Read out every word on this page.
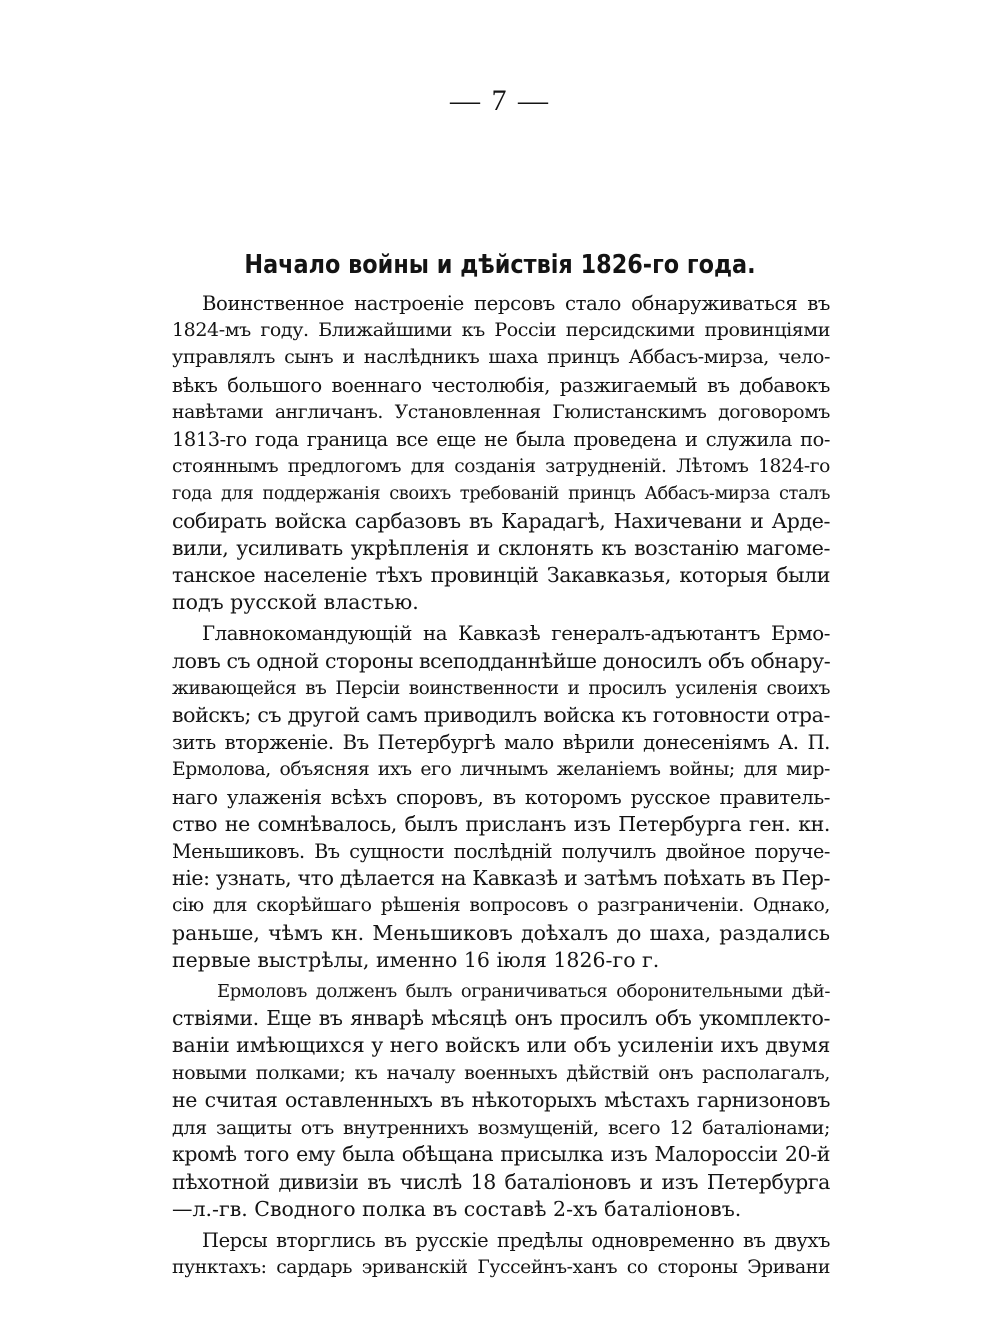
— 7 —
Начало войны и дѣйствія 1826-го года.

Воинственное настроеніе персовъ стало обнаруживаться въ
1824-мъ году. Ближайшими къ Россіи персидскими провинціями
управлялъ сынъ и наслѣдникъ шаха принцъ Аббасъ-мирза, чело-
вѣкъ большого военнаго честолюбія, разжигаемый въ добавокъ
навѣтами англичанъ. Установленная Гюлистанскимъ договоромъ
1813-го года граница все еще не была проведена и служила по-
стояннымъ предлогомъ для созданія затрудненій. Лѣтомъ 1824-го
года для поддержанія своихъ требованій принцъ Аббасъ-мирза сталъ
собирать войска сарбазовъ въ Карадагѣ, Нахичевани и Арде-
вили, усиливать укрѣпленія и склонять къ возстанію магоме-
танское населеніе тѣхъ провинцій Закавказья, которыя были
подъ русской властью.

Главнокомандующій на Кавказѣ генералъ-адъютантъ Ермо-
ловъ съ одной стороны всеподданнѣйше доносилъ объ обнару-
живающейся въ Персіи воинственности и просилъ усиленія своихъ
войскъ; съ другой самъ приводилъ войска къ готовности отра-
зить вторженіе. Въ Петербургѣ мало вѣрили донесеніямъ А. П.
Ермолова, объясняя ихъ его личнымъ желаніемъ войны; для мир-
наго улаженія всѣхъ споровъ, въ которомъ русское правитель-
ство не сомнѣвалось, былъ присланъ изъ Петербурга ген. кн.
Меньшиковъ. Въ сущности послѣдній получилъ двойное поруче-
ніе: узнать, что дѣлается на Кавказѣ и затѣмъ поѣхать въ Пер-
сію для скорѣйшаго рѣшенія вопросовъ о разграниченіи. Однако,
раньше, чѣмъ кн. Меньшиковъ доѣхалъ до шаха, раздались
первые выстрѣлы, именно 16 іюля 1826-го г.

Ермоловъ долженъ былъ ограничиваться оборонительными дѣй-
ствіями. Еще въ январѣ мѣсяцѣ онъ просилъ объ укомплекто-
ваніи имѣющихся у него войскъ или объ усиленіи ихъ двумя
новыми полками; къ началу военныхъ дѣйствій онъ располагалъ,
не считая оставленныхъ въ нѣкоторыхъ мѣстахъ гарнизоновъ
для защиты отъ внутреннихъ возмущеній, всего 12 баталіонами;
кромѣ того ему была обѣщана присылка изъ Малороссіи 20-й
пѣхотной дивизіи въ числѣ 18 баталіоновъ и изъ Петербурга
—л.-гв. Сводного полка въ составѣ 2-хъ баталіоновъ.

Персы вторглись въ русскіе предѣлы одновременно въ двухъ
пунктахъ: сардарь эриванскій Гуссейнъ-ханъ со стороны Эривани
